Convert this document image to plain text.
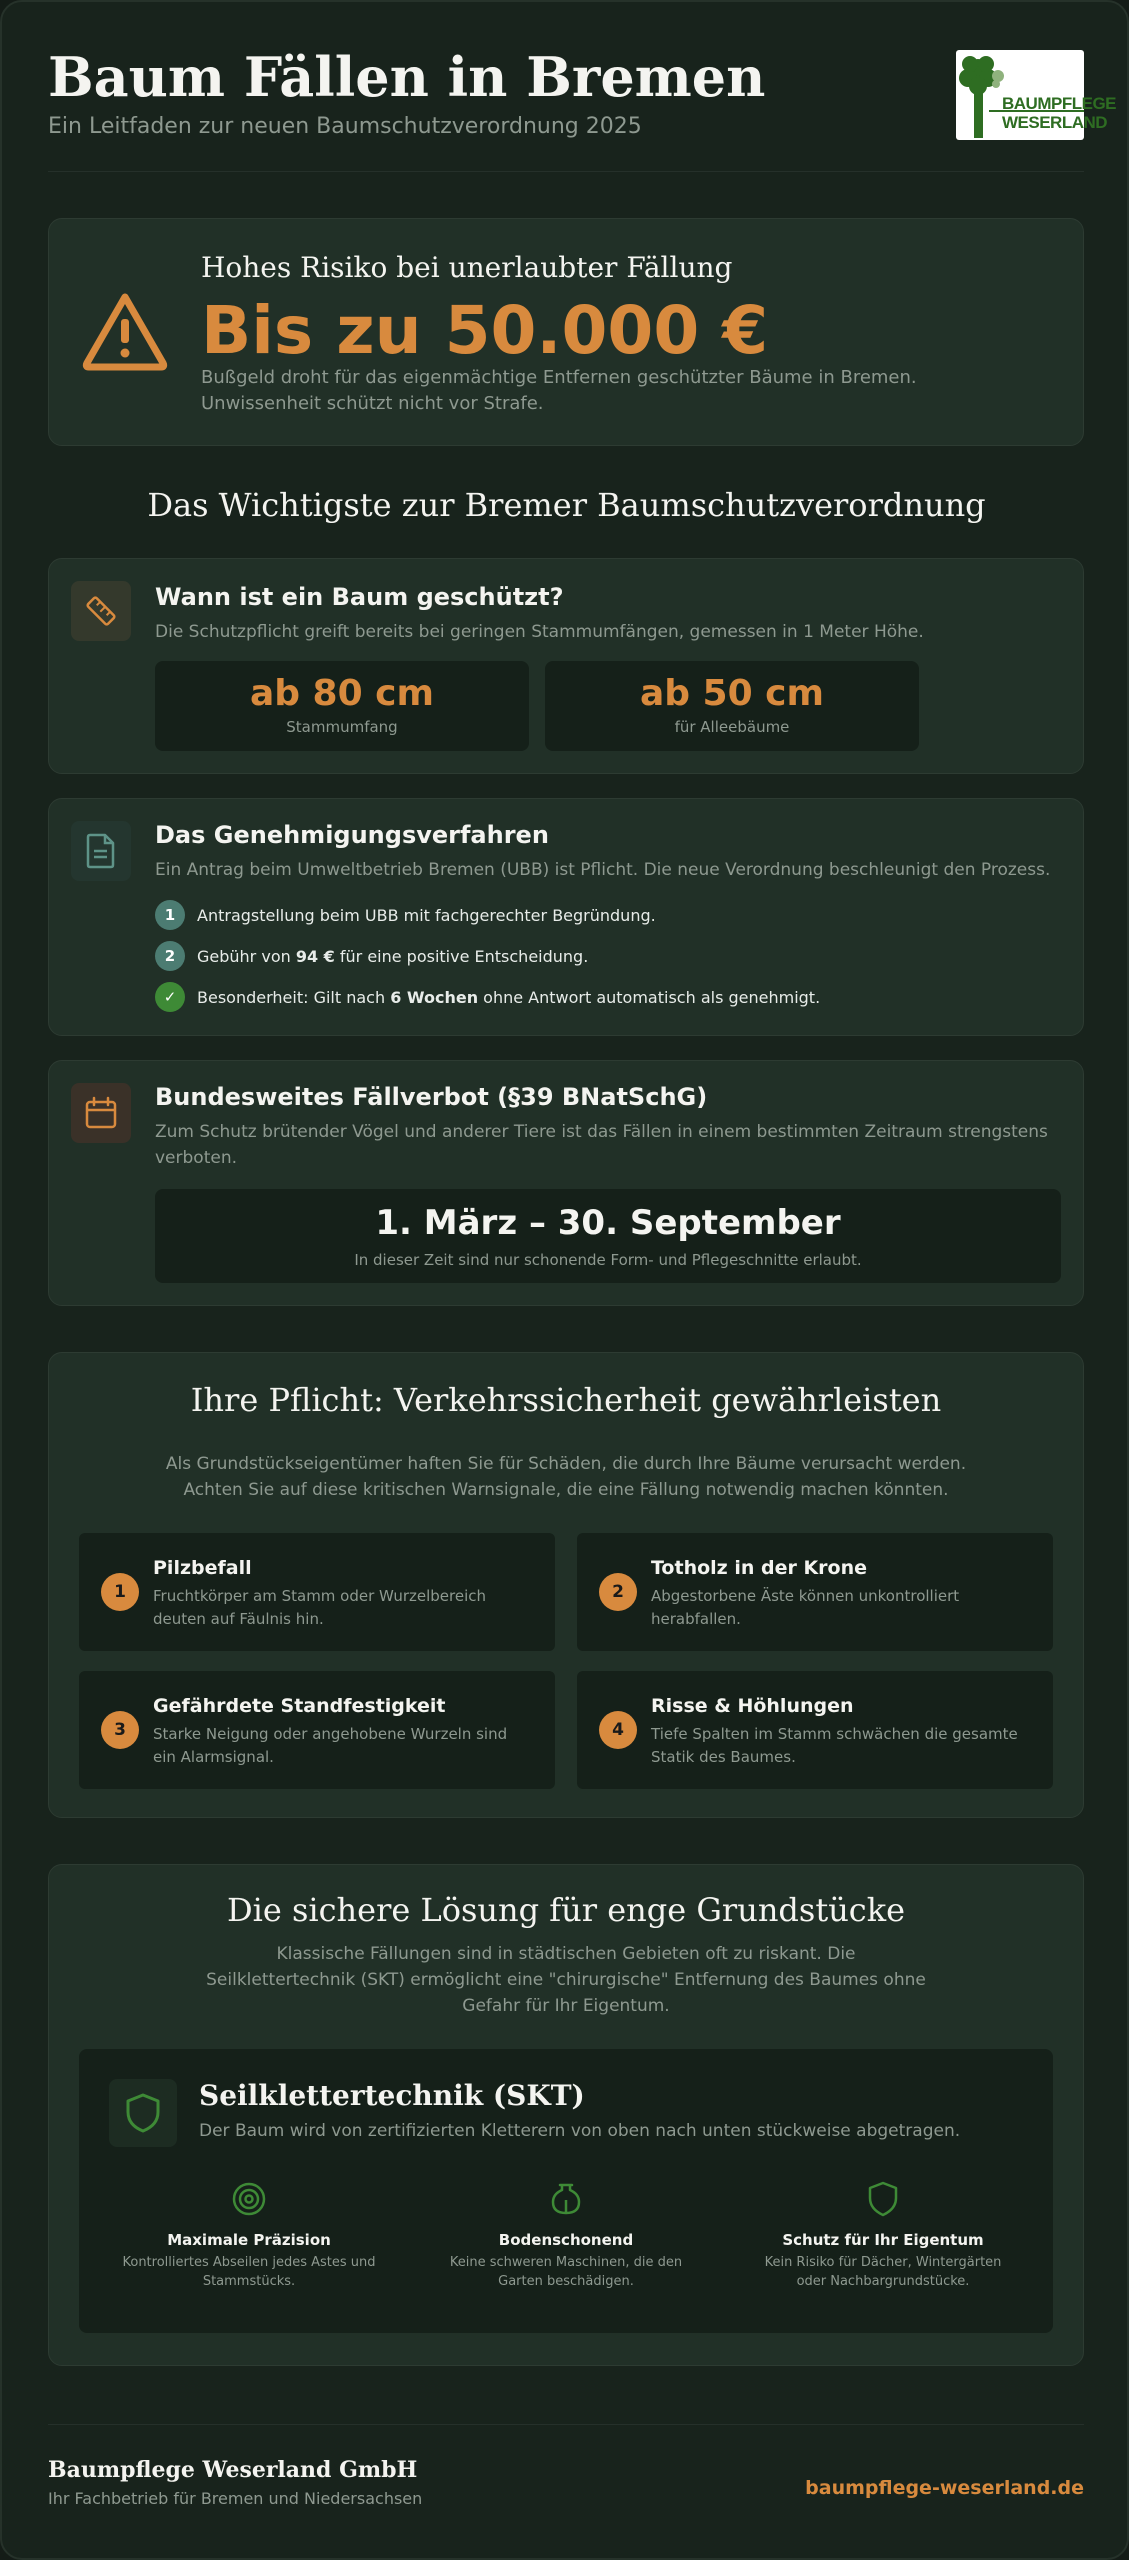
Baum Fällen in Bremen
Ein Leitfaden zur neuen Baumschutzverordnung 2025
BAUMPFLEGE
WESERLAND
Hohes Risiko bei unerlaubter Fällung
Bis zu 50.000 €
Bußgeld droht für das eigenmächtige Entfernen geschützter Bäume in Bremen.
Unwissenheit schützt nicht vor Strafe.
Das Wichtigste zur Bremer Baumschutzverordnung
Wann ist ein Baum geschützt?
Die Schutzpflicht greift bereits bei geringen Stammumfängen, gemessen in 1 Meter Höhe.
ab 80 cm
Stammumfang
ab 50 cm
für Alleebäume
Das Genehmigungsverfahren
Ein Antrag beim Umweltbetrieb Bremen (UBB) ist Pflicht. Die neue Verordnung beschleunigt den Prozess.
1	Antragstellung beim UBB mit fachgerechter Begründung.
2	Gebühr von 94 € für eine positive Entscheidung.
✓	Besonderheit: Gilt nach 6 Wochen ohne Antwort automatisch als genehmigt.
Bundesweites Fällverbot (§39 BNatSchG)
Zum Schutz brütender Vögel und anderer Tiere ist das Fällen in einem bestimmten Zeitraum strengstens
verboten.
1. März – 30. September
In dieser Zeit sind nur schonende Form- und Pflegeschnitte erlaubt.
Ihre Pflicht: Verkehrssicherheit gewährleisten
Als Grundstückseigentümer haften Sie für Schäden, die durch Ihre Bäume verursacht werden.
Achten Sie auf diese kritischen Warnsignale, die eine Fällung notwendig machen könnten.
1
Pilzbefall
Fruchtkörper am Stamm oder Wurzelbereich
deuten auf Fäulnis hin.
2
Totholz in der Krone
Abgestorbene Äste können unkontrolliert
herabfallen.
3
Gefährdete Standfestigkeit
Starke Neigung oder angehobene Wurzeln sind
ein Alarmsignal.
4
Risse & Höhlungen
Tiefe Spalten im Stamm schwächen die gesamte
Statik des Baumes.
Die sichere Lösung für enge Grundstücke
Klassische Fällungen sind in städtischen Gebieten oft zu riskant. Die
Seilklettertechnik (SKT) ermöglicht eine "chirurgische" Entfernung des Baumes ohne
Gefahr für Ihr Eigentum.
Seilklettertechnik (SKT)
Der Baum wird von zertifizierten Kletterern von oben nach unten stückweise abgetragen.
Maximale Präzision
Kontrolliertes Abseilen jedes Astes und
Stammstücks.
Bodenschonend
Keine schweren Maschinen, die den
Garten beschädigen.
Schutz für Ihr Eigentum
Kein Risiko für Dächer, Wintergärten
oder Nachbargrundstücke.
Baumpflege Weserland GmbH
Ihr Fachbetrieb für Bremen und Niedersachsen	baumpflege-weserland.de
